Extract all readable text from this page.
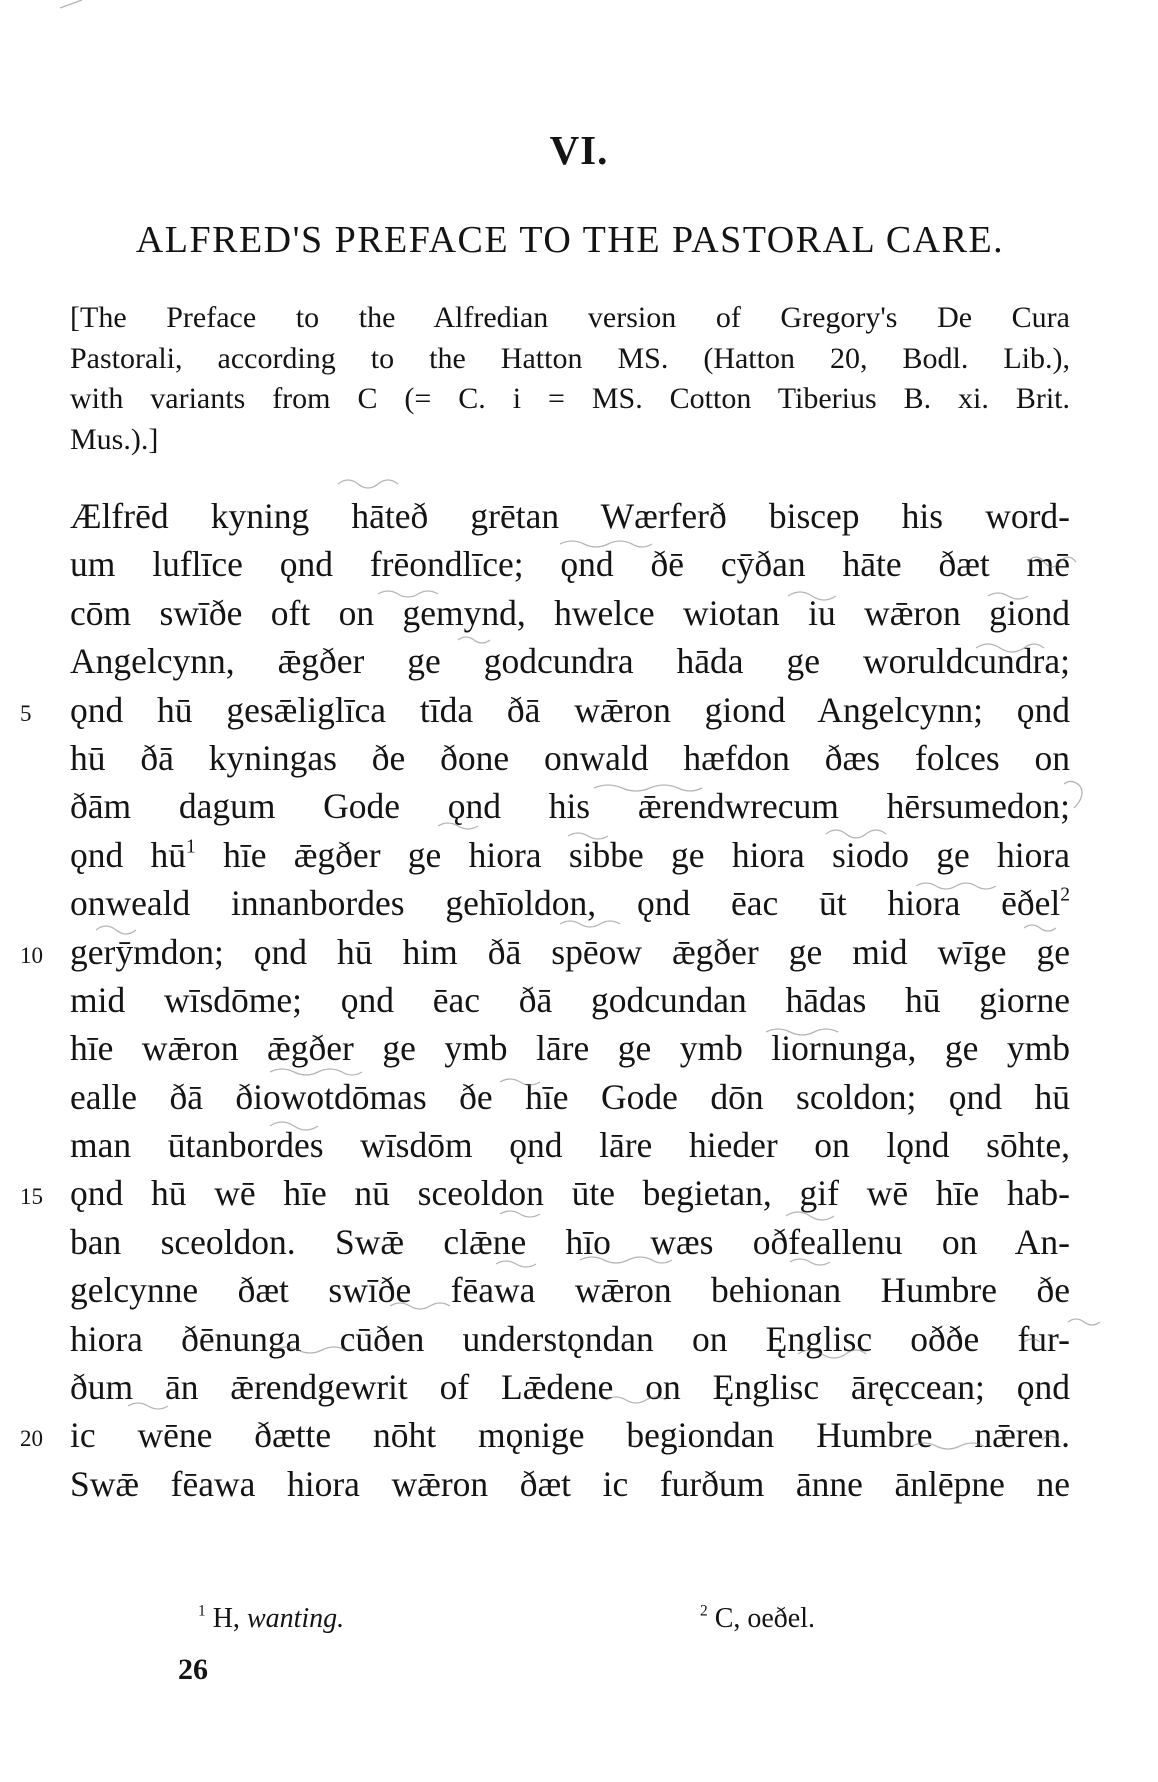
VI.
ALFRED'S PREFACE TO THE PASTORAL CARE.
[The Preface to the Alfredian version of Gregory's De Cura
Pastorali, according to the Hatton MS. (Hatton 20, Bodl. Lib.),
with variants from C (= C. i = MS. Cotton Tiberius B. xi. Brit.
Mus.).]
Ælfrēd kyning hāteð grētan Wærferð biscep his word-
um luflīce ǫnd frēondlīce; ǫnd ðē cȳðan hāte ðæt mē
cōm swīðe oft on gemynd, hwelce wiotan iu wǣron giond
Angelcynn, ǣgðer ge godcundra hāda ge woruldcundra;
5	ǫnd hū gesǣliglīca tīda ðā wǣron giond Angelcynn; ǫnd
hū ðā kyningas ðe ðone onwald hæfdon ðæs folces on
ðām dagum Gode ǫnd his ǣrendwrecum hērsumedon;
ǫnd $hū^1$ hīe ǣgðer ge hiora sibbe ge hiora siodo ge hiora
onweald innanbordes gehīoldon, ǫnd ēac ūt hiora ēðel$^2$
10 gerȳmdon; ǫnd hū him ðā spēow ǣgðer ge mid wīge ge
mid wīsdōme; ǫnd ēac ðā godcundan hādas hū giorne
hīe wǣron ǣgðer ge ymb lāre ge ymb liornunga, ge ymb
ealle ðā ðiowotdōmas ðe hīe Gode dōn scoldon; ǫnd hū
man ūtanbordes wīsdōm ǫnd lāre hieder on lǫnd sōhte,
15 ǫnd hū wē hīe nū sceoldon ūte begietan, gif wē hīe hab-
ban sceoldon. Swǣ clǣne hīo wæs oðfeallenu on An-
gelcynne ðæt swīðe fēawa wǣron behionan Humbre ðe
hiora ðēnunga cūðen understǫndan on Ęnglisc oððe fur-
ðum ān ǣrendgewrit of Lǣdene on Ęnglisc āręccean; ǫnd
20 ic wēne ðætte nōht mǫnige begiondan Humbre nǣren.
Swǣ fēawa hiora wǣron ðæt ic furðum ānne ānlēpne ne
$^1$ H, wanting.	$^2$ C, oeðel.
26
